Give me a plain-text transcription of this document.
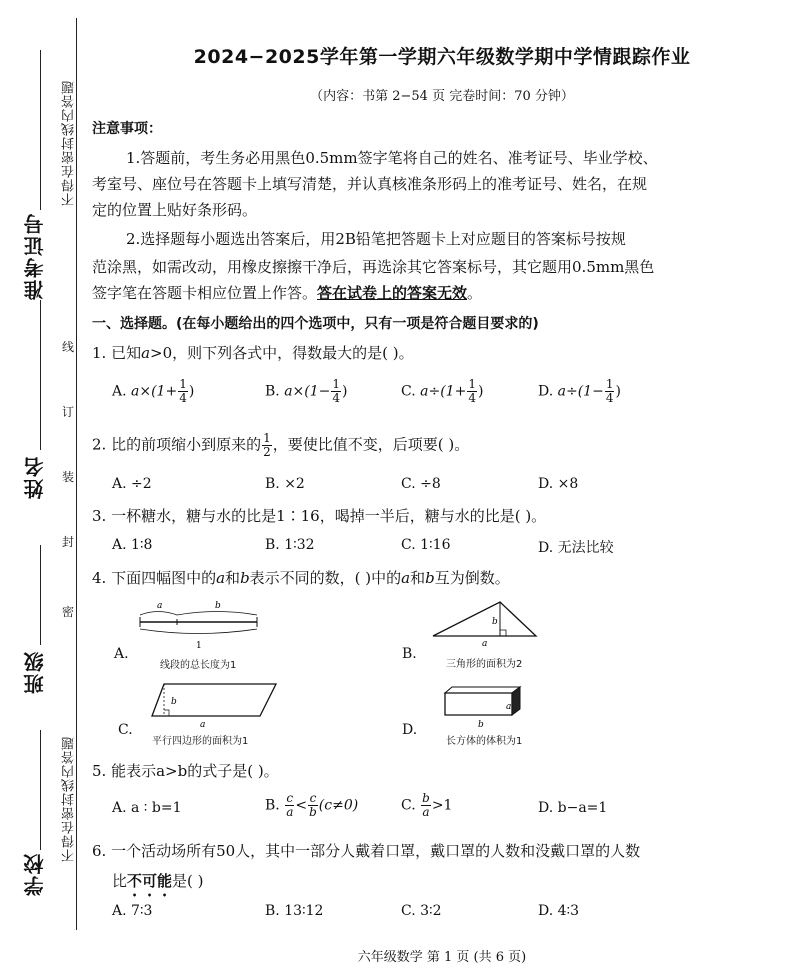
不得在密封线内答题
不得在密封线内答题
准考证号
姓名
班级
学校
线
订
装
封
密
2024−2025学年第一学期六年级数学期中学情跟踪作业
（内容：书第 2−54 页 完卷时间：70 分钟）
注意事项：
1.答题前，考生务必用黑色0.5mm签字笔将自己的姓名、准考证号、毕业学校、
考室号、座位号在答题卡上填写清楚，并认真核准条形码上的准考证号、姓名，在规
定的位置上贴好条形码。
2.选择题每小题选出答案后，用2B铅笔把答题卡上对应题目的答案标号按规
范涂黑，如需改动，用橡皮擦擦干净后，再选涂其它答案标号，其它题用0.5mm黑色
签字笔在答题卡相应位置上作答。答在试卷上的答案无效。
一、选择题。(在每小题给出的四个选项中，只有一项是符合题目要求的)
1. 已知a>0，则下列各式中，得数最大的是( )。
A. $a\times(1+ \frac{1}{4}$ )	B. $a\times(1- \frac{1}{4}$ )	C. $a\div(1+ \frac{1}{4}$ )	D. $a\div(1- \frac{1}{4}$ )
2. 比的前项缩小到原来的 $\frac{1}{2}$ ，要使比值不变，后项要( )。
A. ÷2	B. ×2	C. ÷8	D. ×8
3. 一杯糖水，糖与水的比是1∶16，喝掉一半后，糖与水的比是( )。
A. 1∶8	B. 1∶32	C. 1∶16	D. 无法比较
4. 下面四幅图中的a和b表示不同的数，( )中的a和b互为倒数。
A.
a	b
1
线段的总长度为1
B.
b
a
三角形的面积为2
C.
b
a
平行四边形的面积为1
D.
a
b
长方体的体积为1
5. 能表示a>b的式子是( )。
A. a ∶ b=1	B. $\frac{c}{a} < \frac{c}{b} (c\ne 0)$	C. $\frac{b}{a} >1$	D. b−a=1
6. 一个活动场所有50人，其中一部分人戴着口罩，戴口罩的人数和没戴口罩的人数
比不可能是( )
A. 7∶3	B. 13∶12	C. 3∶2	D. 4∶3
六年级数学 第 1 页 (共 6 页)
